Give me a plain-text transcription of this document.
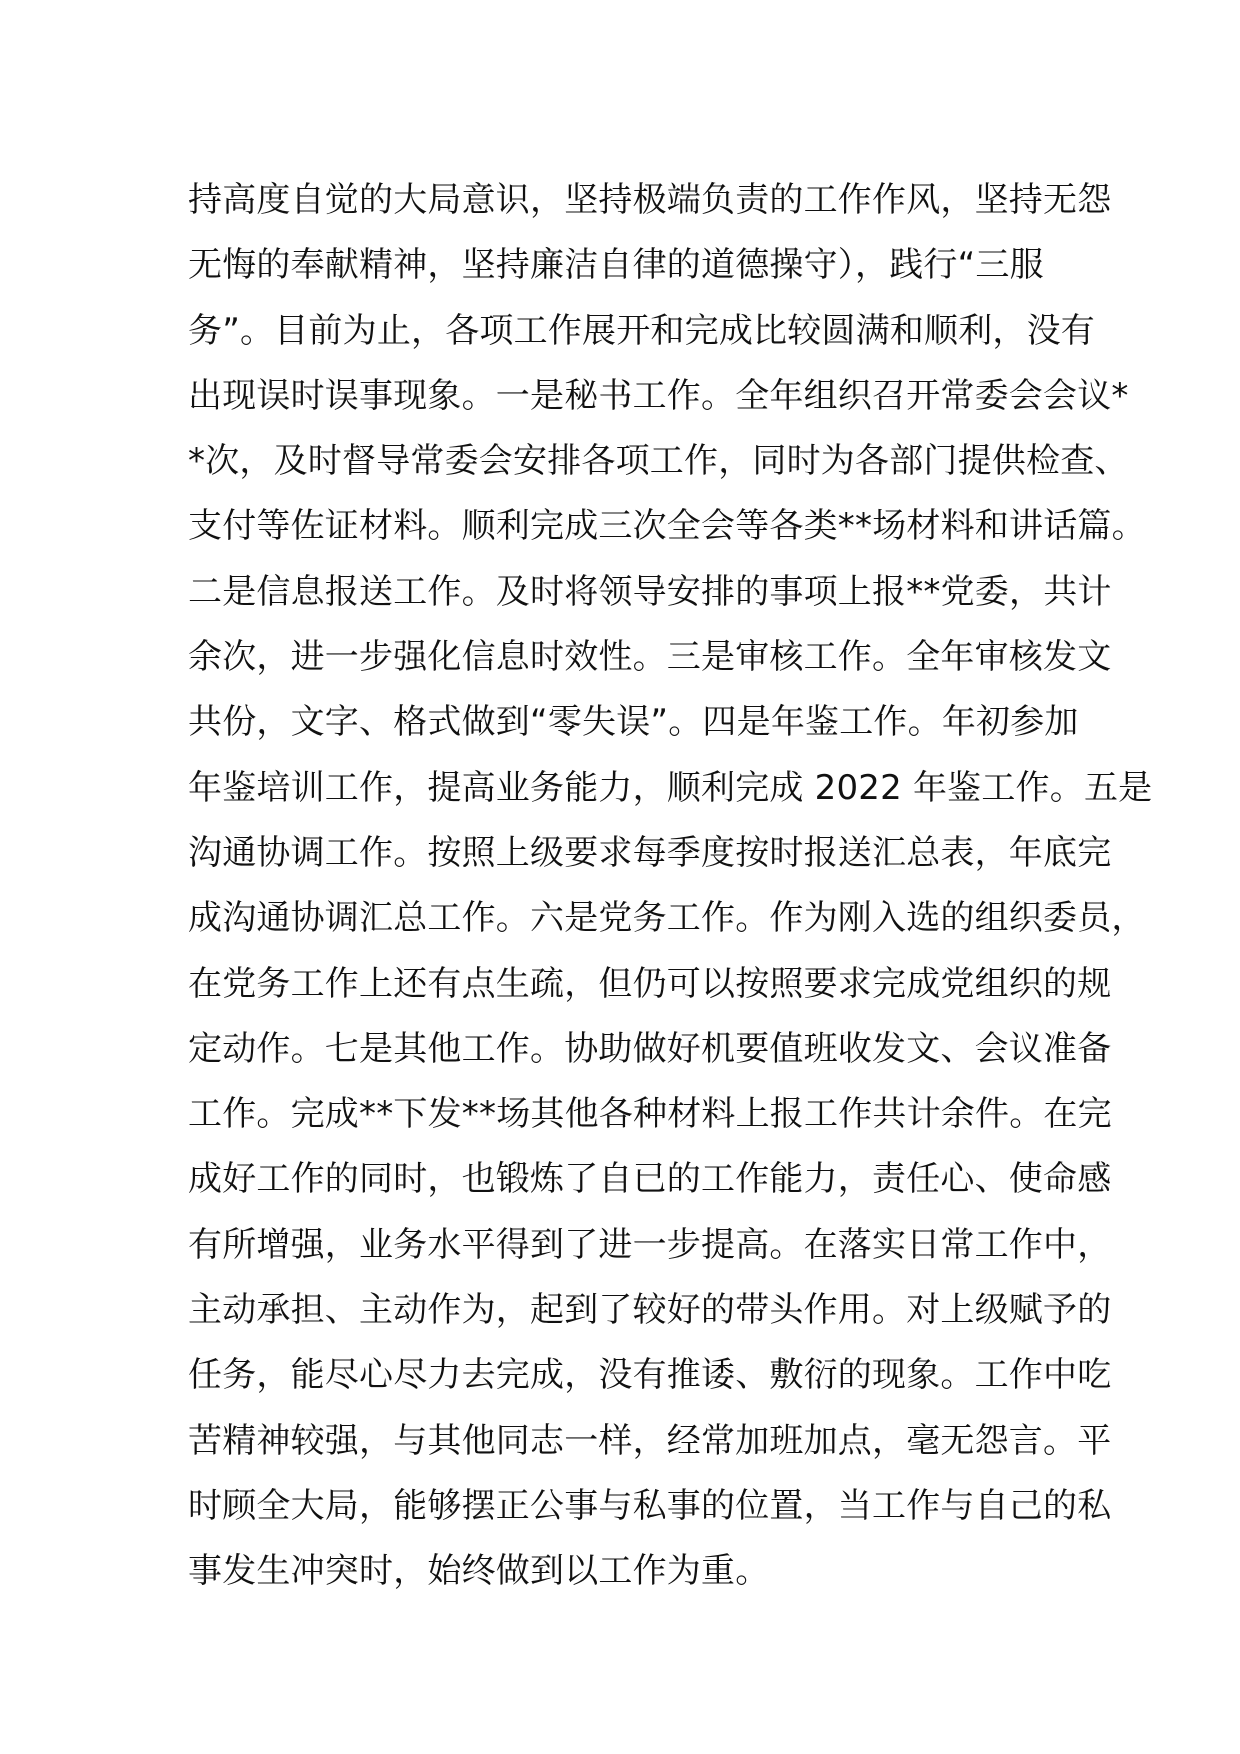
持高度自觉的大局意识，坚持极端负责的工作作风，坚持无怨
无悔的奉献精神，坚持廉洁自律的道德操守），践行“三服
务”。目前为止，各项工作展开和完成比较圆满和顺利，没有
出现误时误事现象。一是秘书工作。全年组织召开常委会会议*
*次，及时督导常委会安排各项工作，同时为各部门提供检查、
支付等佐证材料。顺利完成三次全会等各类**场材料和讲话篇。
二是信息报送工作。及时将领导安排的事项上报**党委，共计
余次，进一步强化信息时效性。三是审核工作。全年审核发文
共份，文字、格式做到“零失误”。四是年鉴工作。年初参加
年鉴培训工作，提高业务能力，顺利完成 2022 年鉴工作。五是
沟通协调工作。按照上级要求每季度按时报送汇总表，年底完
成沟通协调汇总工作。六是党务工作。作为刚入选的组织委员，
在党务工作上还有点生疏，但仍可以按照要求完成党组织的规
定动作。七是其他工作。协助做好机要值班收发文、会议准备
工作。完成**下发**场其他各种材料上报工作共计余件。在完
成好工作的同时，也锻炼了自已的工作能力，责任心、使命感
有所增强，业务水平得到了进一步提高。在落实日常工作中，
主动承担、主动作为，起到了较好的带头作用。对上级赋予的
任务，能尽心尽力去完成，没有推诿、敷衍的现象。工作中吃
苦精神较强，与其他同志一样，经常加班加点，毫无怨言。平
时顾全大局，能够摆正公事与私事的位置，当工作与自己的私
事发生冲突时，始终做到以工作为重。
